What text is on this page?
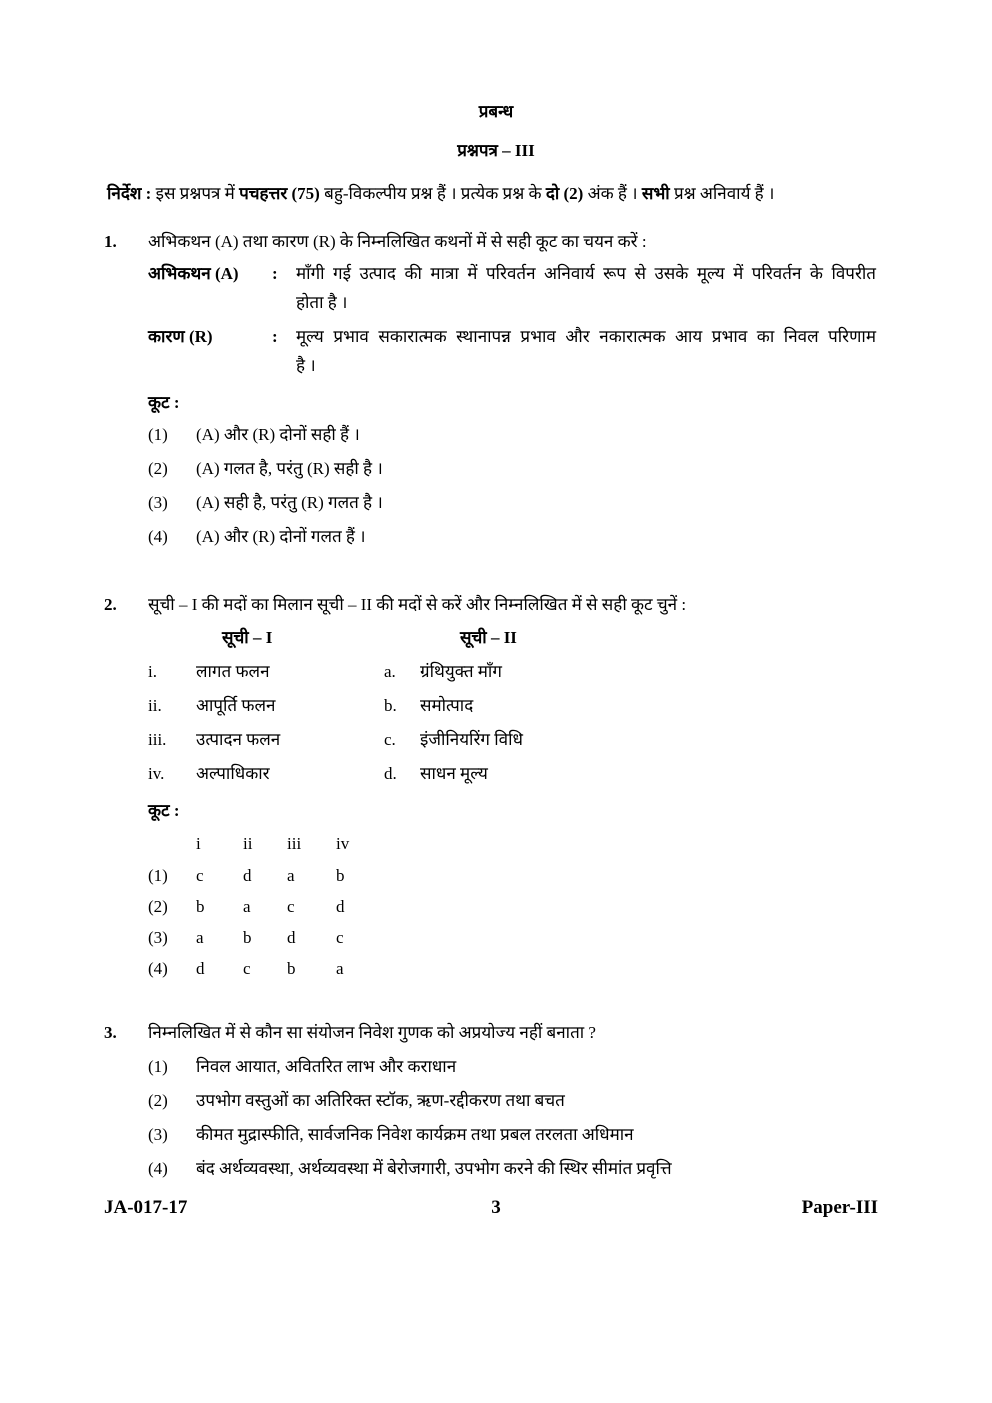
प्रबन्ध
प्रश्नपत्र – III
निर्देश : इस प्रश्नपत्र में पचहत्तर (75) बहु-विकल्पीय प्रश्न हैं । प्रत्येक प्रश्न के दो (2) अंक हैं । सभी प्रश्न अनिवार्य हैं ।
1. अभिकथन (A) तथा कारण (R) के निम्नलिखित कथनों में से सही कूट का चयन करें :
अभिकथन (A) : माँगी गई उत्पाद की मात्रा में परिवर्तन अनिवार्य रूप से उसके मूल्य में परिवर्तन के विपरीत
होता है ।
कारण (R)	: मूल्य प्रभाव सकारात्मक स्थानापन्न प्रभाव और नकारात्मक आय प्रभाव का निवल परिणाम
है ।
कूट :
2. सूची – I की मदों का मिलान सूची – II की मदों से करें और निम्नलिखित में से सही कूट चुनें :
सूची – I	सूची – II
कूट :
3. निम्नलिखित में से कौन सा संयोजन निवेश गुणक को अप्रयोज्य नहीं बनाता ?
JA-017-17	3	Paper-III
(1) (A) और (R) दोनों सही हैं ।
(2) (A) गलत है, परंतु (R) सही है ।
(3) (A) सही है, परंतु (R) गलत है ।
(4) (A) और (R) दोनों गलत हैं ।
i. लागत फलन	a. ग्रंथियुक्त माँग
ii. आपूर्ति फलन	b. समोत्पाद
iii. उत्पादन फलन	c. इंजीनियरिंग विधि
iv. अल्पाधिकार	d. साधन मूल्य
i ii iii iv
(1) c d a b
(2) b a c d
(3) a b d c
(4) d c b a
(1) निवल आयात, अवितरित लाभ और कराधान
(2) उपभोग वस्तुओं का अतिरिक्त स्टॉक, ऋण-रद्दीकरण तथा बचत
(3) कीमत मुद्रास्फीति, सार्वजनिक निवेश कार्यक्रम तथा प्रबल तरलता अधिमान
(4) बंद अर्थव्यवस्था, अर्थव्यवस्था में बेरोजगारी, उपभोग करने की स्थिर सीमांत प्रवृत्ति
